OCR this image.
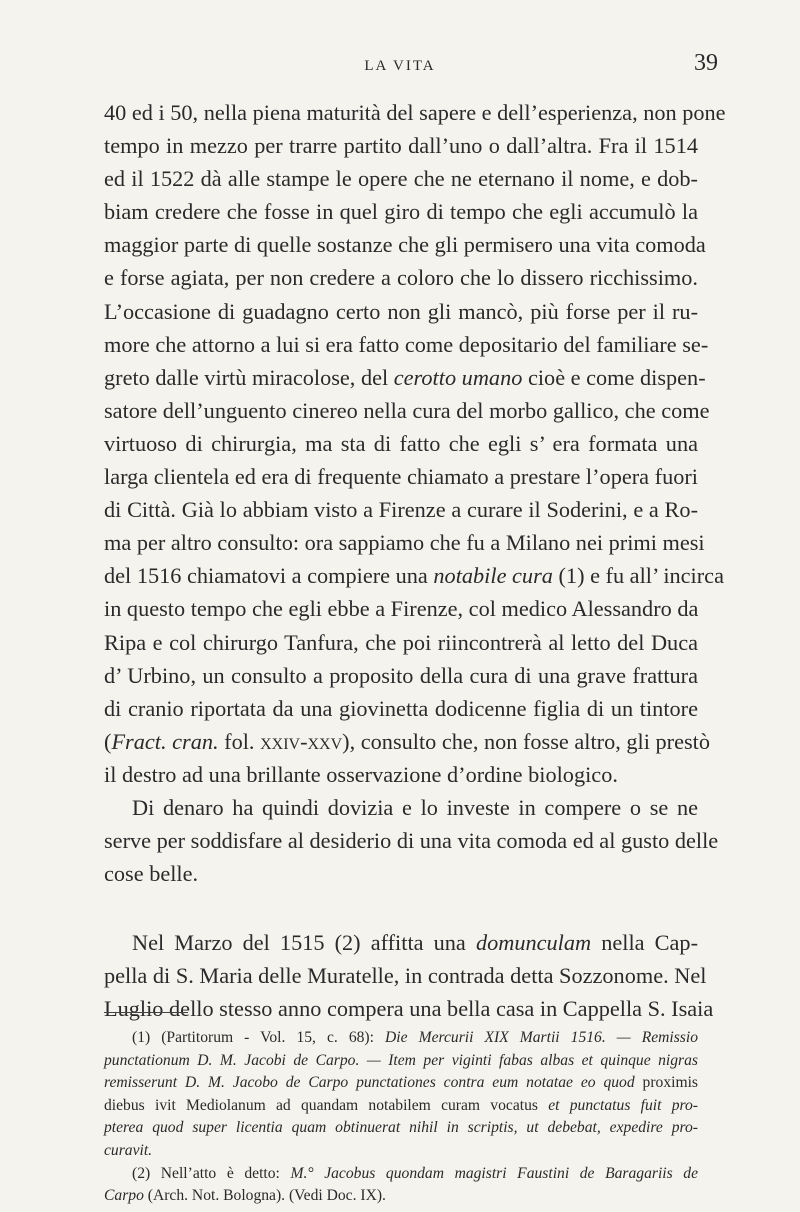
LA VITA	39
40 ed i 50, nella piena maturità del sapere e dell’esperienza, non pone
tempo in mezzo per trarre partito dall’uno o dall’altra. Fra il 1514
ed il 1522 dà alle stampe le opere che ne eternano il nome, e dob-
biam credere che fosse in quel giro di tempo che egli accumulò la
maggior parte di quelle sostanze che gli permisero una vita comoda
e forse agiata, per non credere a coloro che lo dissero ricchissimo.
L’occasione di guadagno certo non gli mancò, più forse per il ru-
more che attorno a lui si era fatto come depositario del familiare se-
greto dalle virtù miracolose, del cerotto umano cioè e come dispen-
satore dell’unguento cinereo nella cura del morbo gallico, che come
virtuoso di chirurgia, ma sta di fatto che egli s’ era formata una
larga clientela ed era di frequente chiamato a prestare l’opera fuori
di Città. Già lo abbiam visto a Firenze a curare il Soderini, e a Ro-
ma per altro consulto: ora sappiamo che fu a Milano nei primi mesi
del 1516 chiamatovi a compiere una notabile cura (1) e fu all’ incirca
in questo tempo che egli ebbe a Firenze, col medico Alessandro da
Ripa e col chirurgo Tanfura, che poi riincontrerà al letto del Duca
d’ Urbino, un consulto a proposito della cura di una grave frattura
di cranio riportata da una giovinetta dodicenne figlia di un tintore
(Fract. cran. fol. xxiv-xxv), consulto che, non fosse altro, gli prestò
il destro ad una brillante osservazione d’ordine biologico.
Di denaro ha quindi dovizia e lo investe in compere o se ne
serve per soddisfare al desiderio di una vita comoda ed al gusto delle
cose belle.
Nel Marzo del 1515 (2) affitta una domunculam nella Cap-
pella di S. Maria delle Muratelle, in contrada detta Sozzonome. Nel
Luglio dello stesso anno compera una bella casa in Cappella S. Isaia
(1) (Partitorum - Vol. 15, c. 68): Die Mercurii XIX Martii 1516. — Remissio
punctationum D. M. Jacobi de Carpo. — Item per viginti fabas albas et quinque nigras
remisserunt D. M. Jacobo de Carpo punctationes contra eum notatae eo quod proximis
diebus ivit Mediolanum ad quandam notabilem curam vocatus et punctatus fuit pro-
pterea quod super licentia quam obtinuerat nihil in scriptis, ut debebat, expedire pro-
curavit.
(2) Nell’atto è detto: M.° Jacobus quondam magistri Faustini de Baragariis de
Carpo (Arch. Not. Bologna). (Vedi Doc. IX).
